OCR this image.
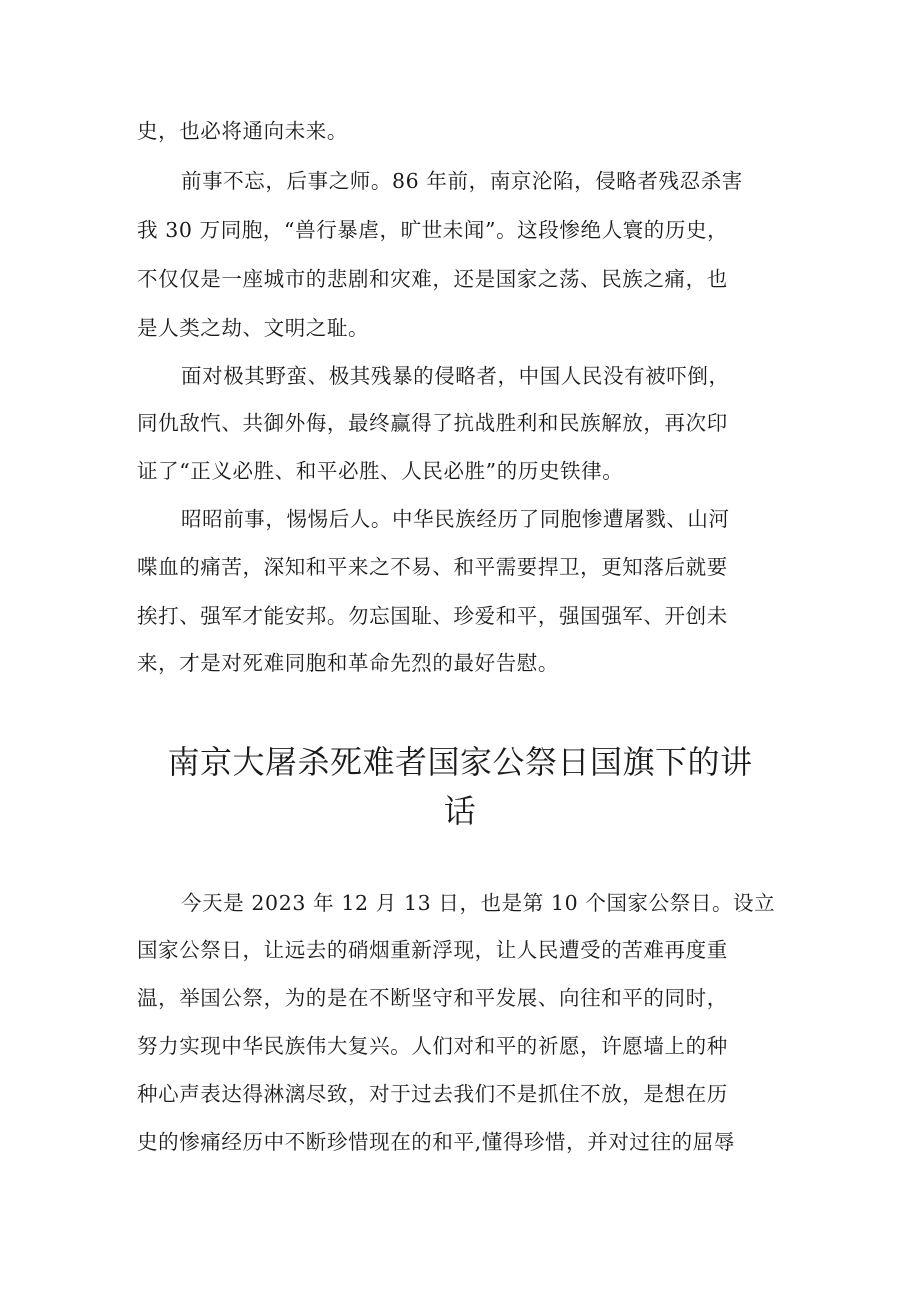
史，也必将通向未来。
前事不忘，后事之师。86 年前，南京沦陷，侵略者残忍杀害
我 30 万同胞，“兽行暴虐，旷世未闻”。这段惨绝人寰的历史，
不仅仅是一座城市的悲剧和灾难，还是国家之荡、民族之痛，也
是人类之劫、文明之耻。
面对极其野蛮、极其残暴的侵略者，中国人民没有被吓倒，
同仇敌忾、共御外侮，最终赢得了抗战胜利和民族解放，再次印
证了“正义必胜、和平必胜、人民必胜”的历史铁律。
昭昭前事，惕惕后人。中华民族经历了同胞惨遭屠戮、山河
喋血的痛苦，深知和平来之不易、和平需要捍卫，更知落后就要
挨打、强军才能安邦。勿忘国耻、珍爱和平，强国强军、开创未
来，才是对死难同胞和革命先烈的最好告慰。
南京大屠杀死难者国家公祭日国旗下的讲
话
今天是 2023 年 12 月 13 日，也是第 10 个国家公祭日。设立
国家公祭日，让远去的硝烟重新浮现，让人民遭受的苦难再度重
温，举国公祭，为的是在不断坚守和平发展、向往和平的同时，
努力实现中华民族伟大复兴。人们对和平的祈愿，许愿墙上的种
种心声表达得淋漓尽致，对于过去我们不是抓住不放，是想在历
史的惨痛经历中不断珍惜现在的和平,懂得珍惜，并对过往的屈辱
